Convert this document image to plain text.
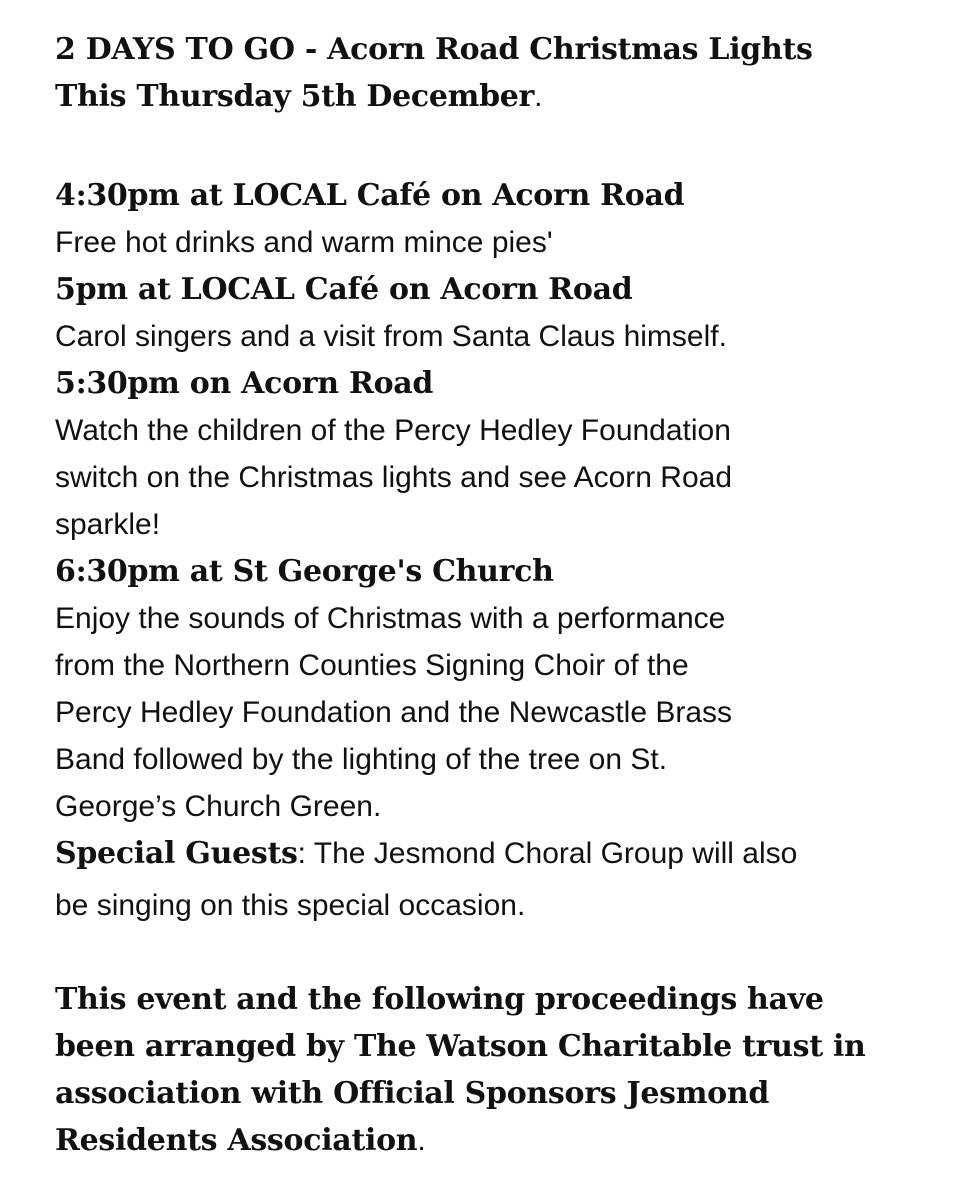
2 DAYS TO GO - Acorn Road Christmas Lights
This Thursday 5th December.
4:30pm at LOCAL Café on Acorn Road
Free hot drinks and warm mince pies'
5pm at LOCAL Café on Acorn Road
Carol singers and a visit from Santa Claus himself.
5:30pm on Acorn Road
Watch the children of the Percy Hedley Foundation
switch on the Christmas lights and see Acorn Road
sparkle!
6:30pm at St George's Church
Enjoy the sounds of Christmas with a performance
from the Northern Counties Signing Choir of the
Percy Hedley Foundation and the Newcastle Brass
Band followed by the lighting of the tree on St.
George’s Church Green.
Special Guests: The Jesmond Choral Group will also
be singing on this special occasion.
This event and the following proceedings have
been arranged by The Watson Charitable trust in
association with Official Sponsors Jesmond
Residents Association.
